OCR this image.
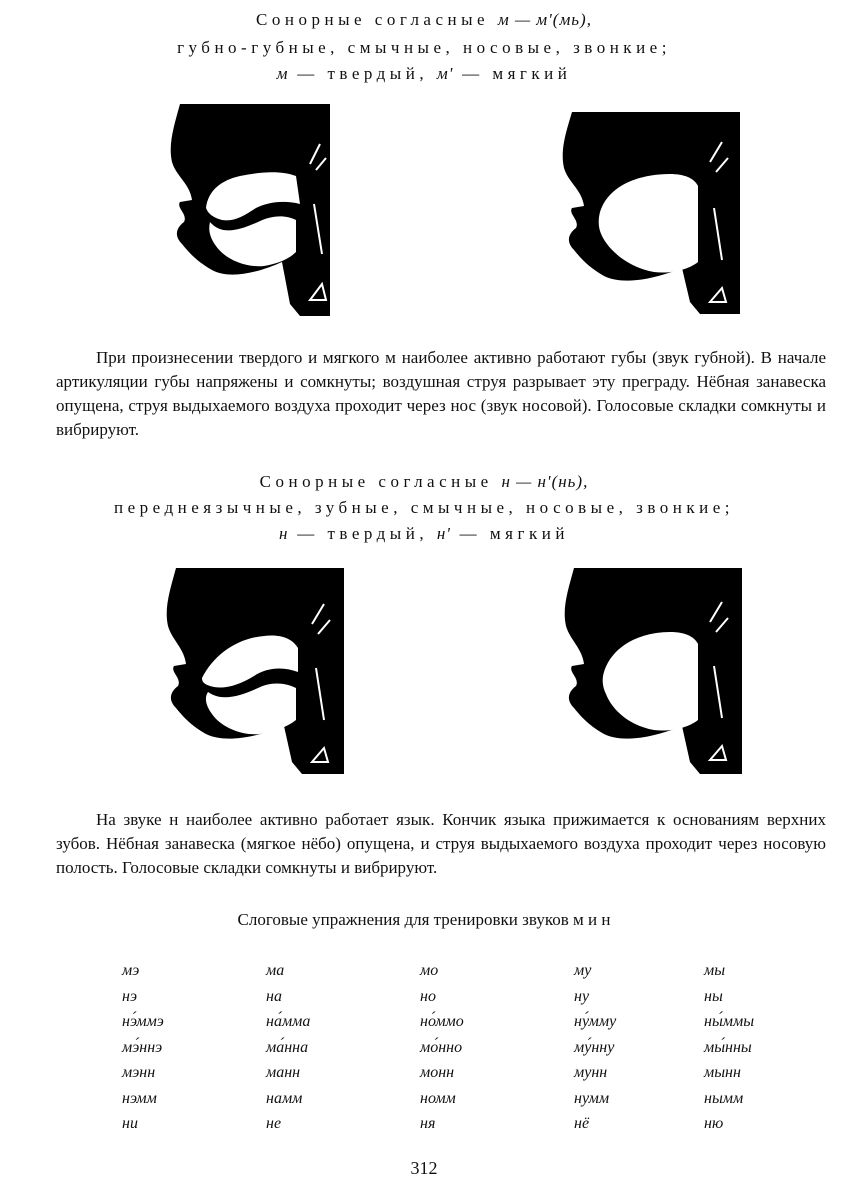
Сонорные согласные м — м'(мь),
губно-губные, смычные, носовые, звонкие;
м — твердый, м' — мягкий
При произнесении твердого и мягкого м наиболее активно работают губы (звук губной). В начале артикуляции губы напряжены и сомкнуты; воздушная струя разрывает эту преграду. Нёбная занавеска опущена, струя выдыхаемого воздуха проходит через нос (звук носовой). Голосовые складки сомкнуты и вибрируют.
Сонорные согласные н — н'(нь),
переднеязычные, зубные, смычные, носовые, звонкие;
н — твердый, н' — мягкий
На звуке н наиболее активно работает язык. Кончик языка прижимается к основаниям верхних зубов. Нёбная занавеска (мягкое нёбо) опущена, и струя выдыхаемого воздуха проходит через носовую полость. Голосовые складки сомкнуты и вибрируют.
Слоговые упражнения для тренировки звуков м и н
мэ
нэ
нэ́ммэ
мэ́ннэ
мэнн
нэмм
ни
ма
на
на́мма
ма́нна
манн
намм
не
мо
но
но́ммо
мо́нно
монн
номм
ня
му
ну
ну́мму
му́нну
мунн
нумм
нё
мы
ны
ны́ммы
мы́нны
мынн
нымм
ню
312
